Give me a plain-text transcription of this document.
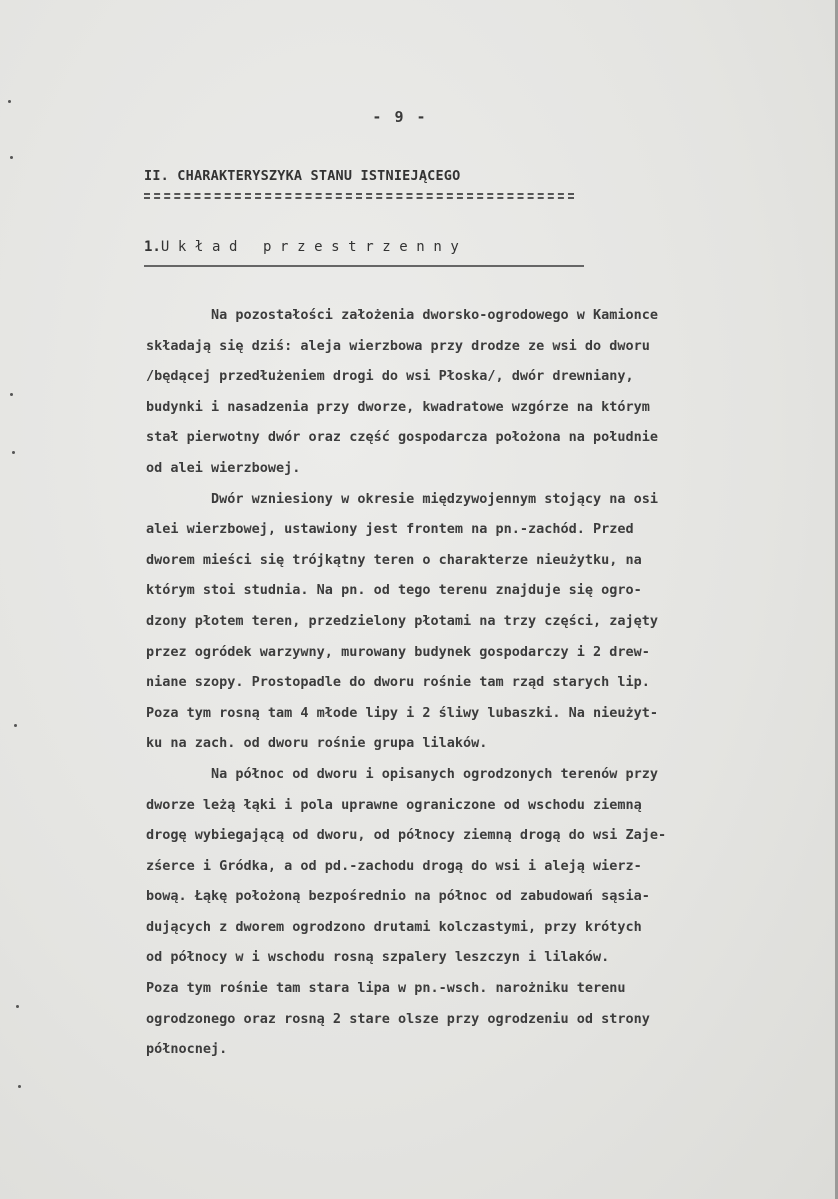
- 9 -
II. CHARAKTERYSZYKA STANU ISTNIEJĄCEGO
1.Układ przestrzenny
Na pozostałości założenia dworsko-ogrodowego w Kamionce
składają się dziś: aleja wierzbowa przy drodze ze wsi do dworu
/będącej przedłużeniem drogi do wsi Płoska/, dwór drewniany,
budynki i nasadzenia przy dworze, kwadratowe wzgórze na którym
stał pierwotny dwór oraz część gospodarcza położona na południe
od alei wierzbowej.
Dwór wzniesiony w okresie międzywojennym stojący na osi
alei wierzbowej, ustawiony jest frontem na pn.-zachód. Przed
dworem mieści się trójkątny teren o charakterze nieużytku, na
którym stoi studnia. Na pn. od tego terenu znajduje się ogro-
dzony płotem teren, przedzielony płotami na trzy części, zajęty
przez ogródek warzywny, murowany budynek gospodarczy i 2 drew-
niane szopy. Prostopadle do dworu rośnie tam rząd starych lip.
Poza tym rosną tam 4 młode lipy i 2 śliwy lubaszki. Na nieużyt-
ku na zach. od dworu rośnie grupa lilaków.
Na północ od dworu i opisanych ogrodzonych terenów przy
dworze leżą łąki i pola uprawne ograniczone od wschodu ziemną
drogę wybiegającą od dworu, od północy ziemną drogą do wsi Zaje-
zśerce i Gródka, a od pd.-zachodu drogą do wsi i aleją wierz-
bową. Łąkę położoną bezpośrednio na północ od zabudowań sąsia-
dujących z dworem ogrodzono drutami kolczastymi, przy krótych
od północy w i wschodu rosną szpalery leszczyn i lilaków.
Poza tym rośnie tam stara lipa w pn.-wsch. narożniku terenu
ogrodzonego oraz rosną 2 stare olsze przy ogrodzeniu od strony
północnej.
